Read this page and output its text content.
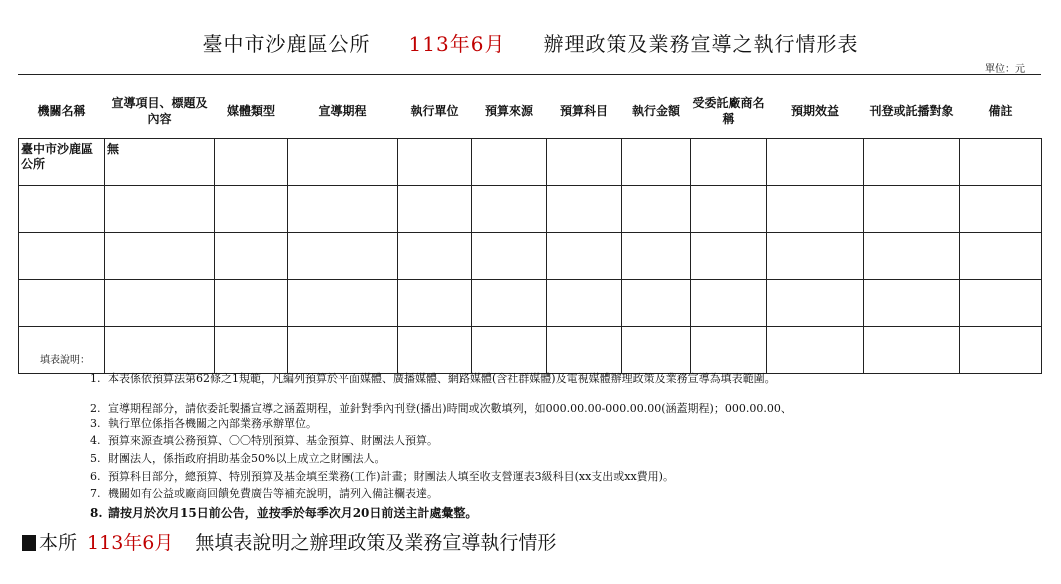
臺中市沙鹿區公所 113年6月 辦理政策及業務宣導之執行情形表
單位：元
機關名稱	宣導項目、標題及內容	媒體類型	宣導期程	執行單位	預算來源	預算科目	執行金額	受委託廠商名稱	預期效益	刊登或託播對象	備註
臺中市沙鹿區公所	無										

填表說明：
1. 本表係依預算法第62條之1規範，凡編列預算於平面媒體、廣播媒體、網路媒體(含社群媒體)及電視媒體辦理政策及業務宣導為填表範圍。
2. 宣導期程部分，請依委託製播宣導之涵蓋期程，並針對季內刊登(播出)時間或次數填列，如000.00.00-000.00.00(涵蓋期程)；000.00.00、
3. 執行單位係指各機關之內部業務承辦單位。
4. 預算來源查填公務預算、〇〇特別預算、基金預算、財團法人預算。
5. 財團法人，係指政府捐助基金50%以上成立之財團法人。
6. 預算科目部分，總預算、特別預算及基金填至業務(工作)計畫；財團法人填至收支營運表3級科目(xx支出或xx費用)。
7. 機關如有公益或廠商回饋免費廣告等補充說明，請列入備註欄表達。
8. 請按月於次月15日前公告，並按季於每季次月20日前送主計處彙整。
本所 113年6月 無填表說明之辦理政策及業務宣導執行情形
